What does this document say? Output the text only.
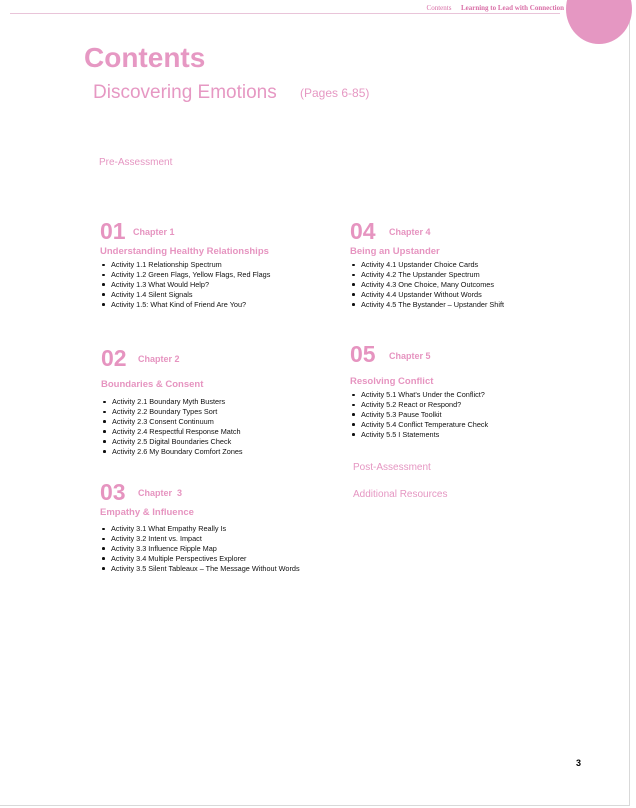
Contents Learning to Lead with Connection
Contents
Discovering Emotions (Pages 6-85)
Pre-Assessment
01 Chapter 1
Understanding Healthy Relationships
Activity 1.1 Relationship Spectrum
Activity 1.2 Green Flags, Yellow Flags, Red Flags
Activity 1.3 What Would Help?
Activity 1.4 Silent Signals
Activity 1.5: What Kind of Friend Are You?
02 Chapter 2
Boundaries & Consent
Activity 2.1 Boundary Myth Busters
Activity 2.2 Boundary Types Sort
Activity 2.3 Consent Continuum
Activity 2.4 Respectful Response Match
Activity 2.5 Digital Boundaries Check
Activity 2.6 My Boundary Comfort Zones
03 Chapter  3
Empathy & Influence
Activity 3.1 What Empathy Really Is
Activity 3.2 Intent vs. Impact
Activity 3.3 Influence Ripple Map
Activity 3.4 Multiple Perspectives Explorer
Activity 3.5 Silent Tableaux – The Message Without Words
04 Chapter 4
Being an Upstander
Activity 4.1 Upstander Choice Cards
Activity 4.2 The Upstander Spectrum
Activity 4.3 One Choice, Many Outcomes
Activity 4.4 Upstander Without Words
Activity 4.5 The Bystander – Upstander Shift
05 Chapter 5
Resolving Conflict
Activity 5.1 What's Under the Conflict?
Activity 5.2 React or Respond?
Activity 5.3 Pause Toolkit
Activity 5.4 Conflict Temperature Check
Activity 5.5 I Statements
Post-Assessment
Additional Resources
3
